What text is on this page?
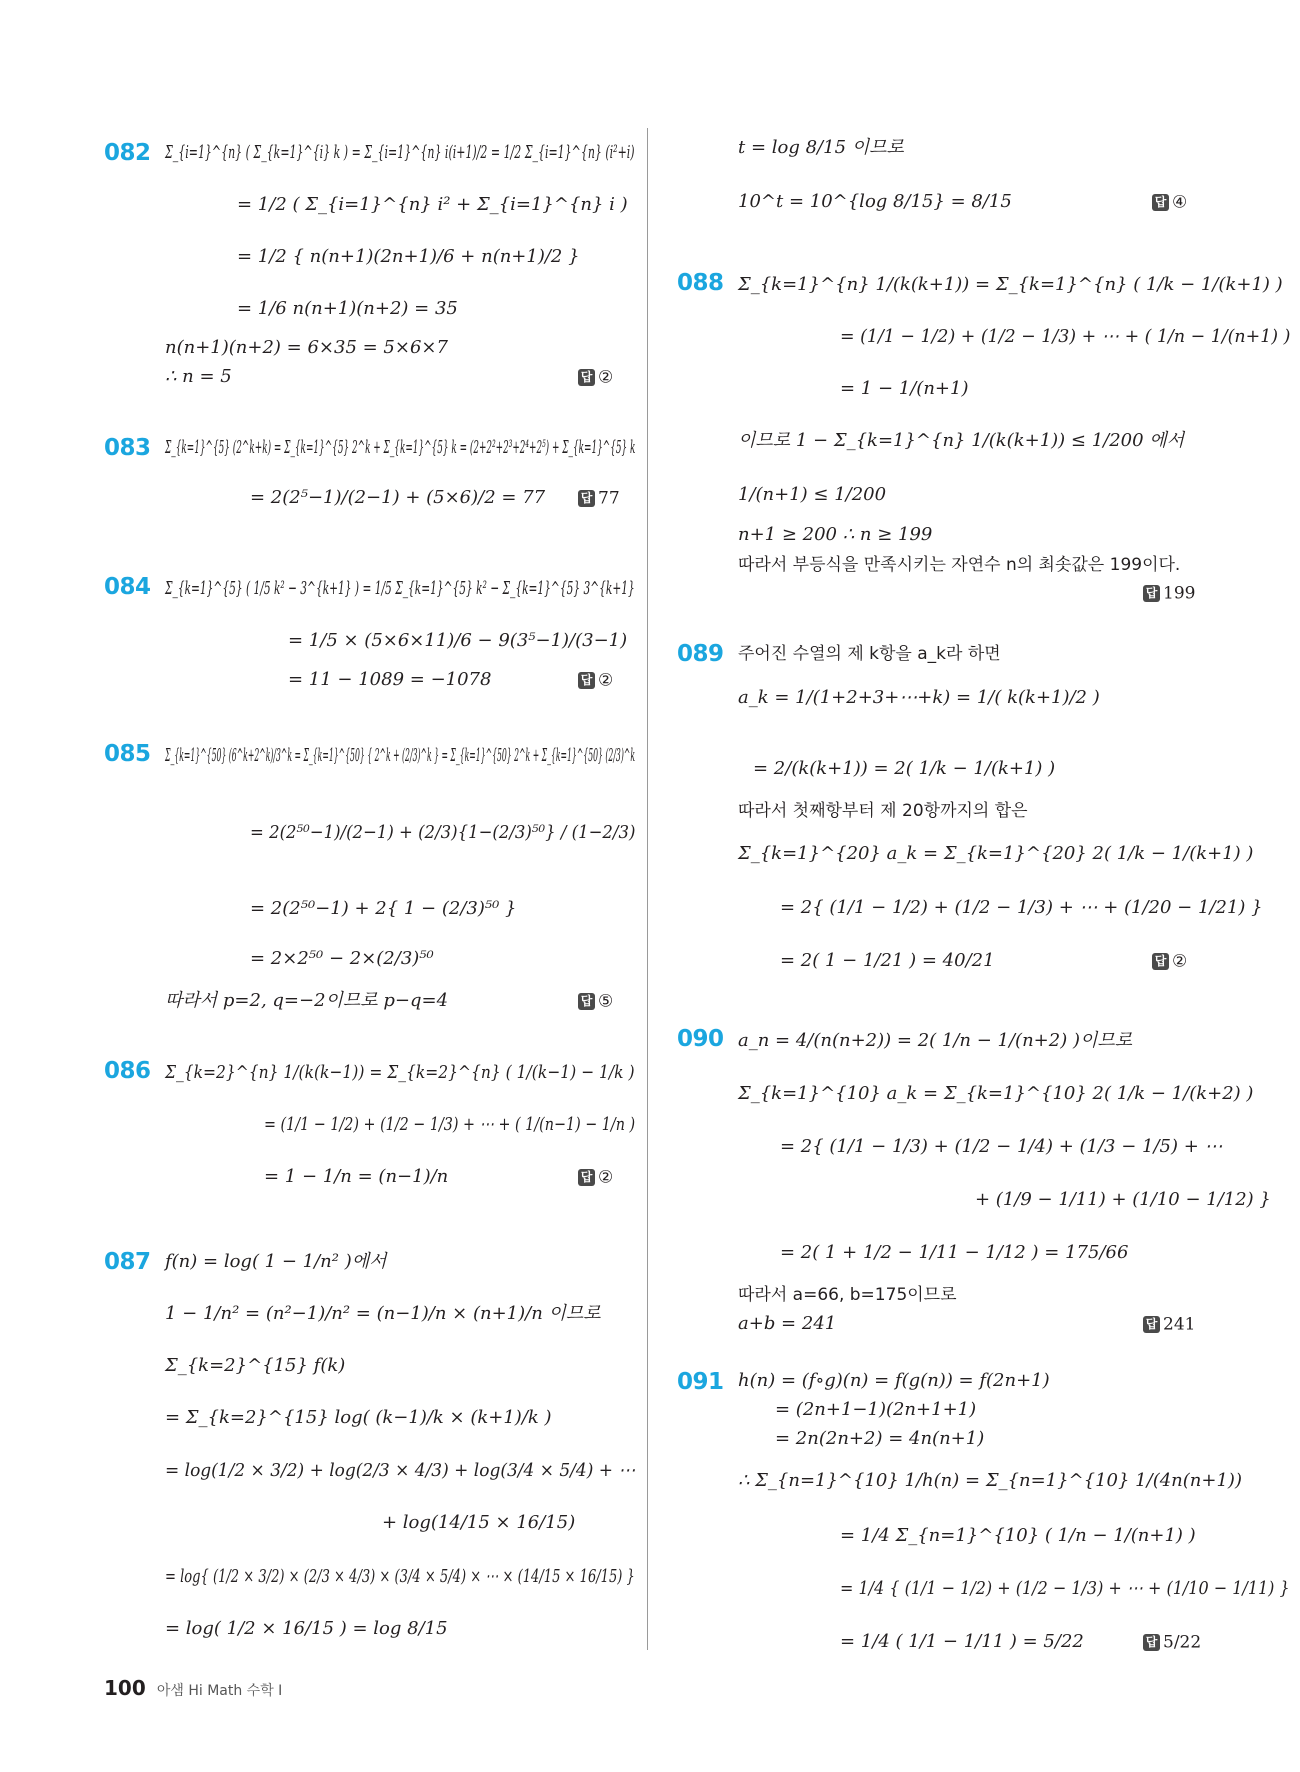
082 Σ_{i=1}^{n} ( Σ_{k=1}^{i} k ) = Σ_{i=1}^{n} i(i+1)/2 = 1/2 Σ_{i=1}^{n} (i²+i)
= 1/2 ( Σ_{i=1}^{n} i² + Σ_{i=1}^{n} i )
= 1/2 { n(n+1)(2n+1)/6 + n(n+1)/2 }
= 1/6 n(n+1)(n+2) = 35
n(n+1)(n+2) = 6×35 = 5×6×7
∴ n = 5	답 ②
083 Σ_{k=1}^{5} (2^k+k) = Σ_{k=1}^{5} 2^k + Σ_{k=1}^{5} k = (2+2²+2³+2⁴+2⁵) + Σ_{k=1}^{5} k
= 2(2⁵−1)/(2−1) + (5×6)/2 = 77	답 77
084 Σ_{k=1}^{5} ( 1/5 k² − 3^{k+1} ) = 1/5 Σ_{k=1}^{5} k² − Σ_{k=1}^{5} 3^{k+1}
= 1/5 × (5×6×11)/6 − 9(3⁵−1)/(3−1)
= 11 − 1089 = −1078	답 ②
085 Σ_{k=1}^{50} (6^k+2^k)/3^k = Σ_{k=1}^{50} { 2^k + (2/3)^k } = Σ_{k=1}^{50} 2^k + Σ_{k=1}^{50} (2/3)^k
= 2(2⁵⁰−1)/(2−1) + (2/3){1−(2/3)⁵⁰} / (1−2/3)
= 2(2⁵⁰−1) + 2{ 1 − (2/3)⁵⁰ }
= 2×2⁵⁰ − 2×(2/3)⁵⁰
따라서 p=2, q=−2이므로 p−q=4	답 ⑤
086 Σ_{k=2}^{n} 1/(k(k−1)) = Σ_{k=2}^{n} ( 1/(k−1) − 1/k )
= (1/1 − 1/2) + (1/2 − 1/3) + ⋯ + ( 1/(n−1) − 1/n )
= 1 − 1/n = (n−1)/n	답 ②
087 f(n) = log( 1 − 1/n² )에서
1 − 1/n² = (n²−1)/n² = (n−1)/n × (n+1)/n 이므로
Σ_{k=2}^{15} f(k)
= Σ_{k=2}^{15} log( (k−1)/k × (k+1)/k )
= log(1/2 × 3/2) + log(2/3 × 4/3) + log(3/4 × 5/4) + ⋯
+ log(14/15 × 16/15)
= log{ (1/2 × 3/2) × (2/3 × 4/3) × (3/4 × 5/4) × ⋯ × (14/15 × 16/15) }
= log( 1/2 × 16/15 ) = log 8/15
t = log 8/15 이므로
10^t = 10^{log 8/15} = 8/15	답 ④
088 Σ_{k=1}^{n} 1/(k(k+1)) = Σ_{k=1}^{n} ( 1/k − 1/(k+1) )
= (1/1 − 1/2) + (1/2 − 1/3) + ⋯ + ( 1/n − 1/(n+1) )
= 1 − 1/(n+1)
이므로 1 − Σ_{k=1}^{n} 1/(k(k+1)) ≤ 1/200 에서
1/(n+1) ≤ 1/200
n+1 ≥ 200 ∴ n ≥ 199
따라서 부등식을 만족시키는 자연수 n의 최솟값은 199이다.
답 199
089 주어진 수열의 제 k항을 a_k라 하면
a_k = 1/(1+2+3+⋯+k) = 1/( k(k+1)/2 )
= 2/(k(k+1)) = 2( 1/k − 1/(k+1) )
따라서 첫째항부터 제 20항까지의 합은
Σ_{k=1}^{20} a_k = Σ_{k=1}^{20} 2( 1/k − 1/(k+1) )
= 2{ (1/1 − 1/2) + (1/2 − 1/3) + ⋯ + (1/20 − 1/21) }
= 2( 1 − 1/21 ) = 40/21	답 ②
090 a_n = 4/(n(n+2)) = 2( 1/n − 1/(n+2) )이므로
Σ_{k=1}^{10} a_k = Σ_{k=1}^{10} 2( 1/k − 1/(k+2) )
= 2{ (1/1 − 1/3) + (1/2 − 1/4) + (1/3 − 1/5) + ⋯
+ (1/9 − 1/11) + (1/10 − 1/12) }
= 2( 1 + 1/2 − 1/11 − 1/12 ) = 175/66
따라서 a=66, b=175이므로
a+b = 241	답 241
091 h(n) = (f∘g)(n) = f(g(n)) = f(2n+1)
= (2n+1−1)(2n+1+1)
= 2n(2n+2) = 4n(n+1)
∴ Σ_{n=1}^{10} 1/h(n) = Σ_{n=1}^{10} 1/(4n(n+1))
= 1/4 Σ_{n=1}^{10} ( 1/n − 1/(n+1) )
= 1/4 { (1/1 − 1/2) + (1/2 − 1/3) + ⋯ + (1/10 − 1/11) }
= 1/4 ( 1/1 − 1/11 ) = 5/22	답 5/22
100 아샘 Hi Math 수학 I
